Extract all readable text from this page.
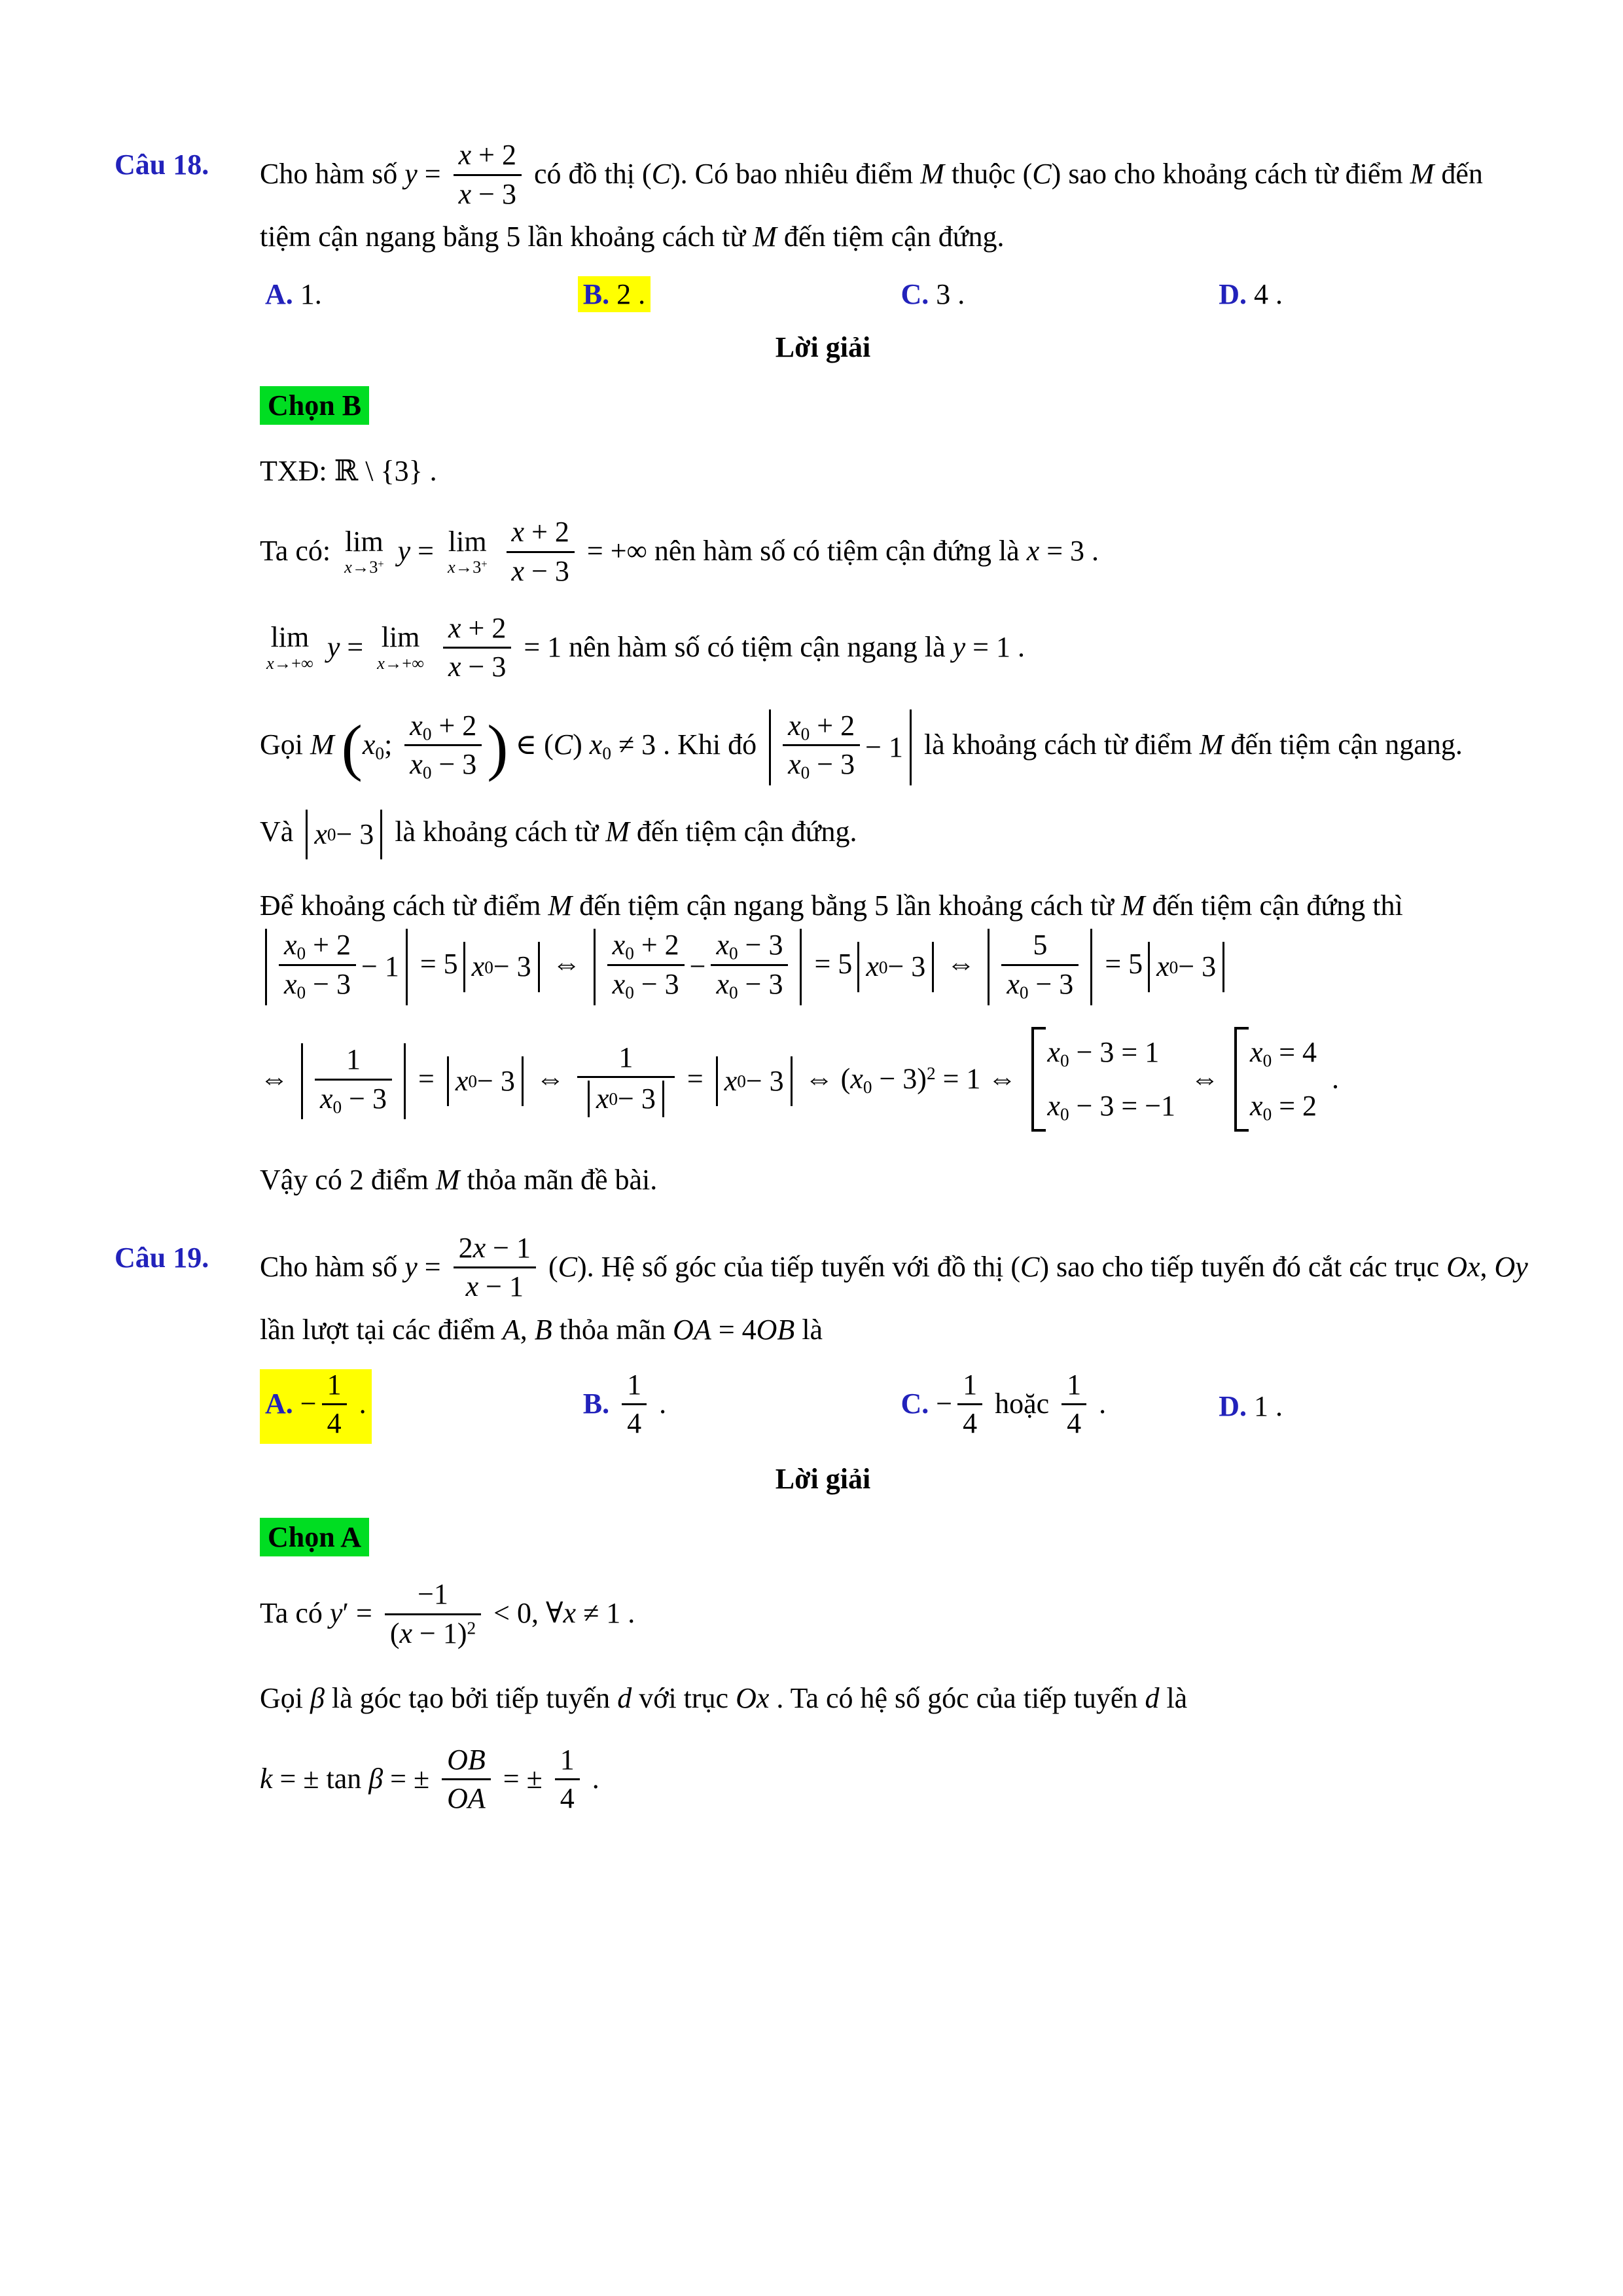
Câu 18.	Cho hàm số $y = \frac{x + 2}{x - 3}$ có đồ thị (C). Có bao nhiêu điểm M thuộc (C) sao cho khoảng cách từ điểm M đến tiệm cận ngang bằng 5 lần khoảng cách từ M đến tiệm cận đứng.
A. 1.	B. 2 .	C. 3 .	D. 4 .
Lời giải
Chọn B
TXĐ: ℝ \ {3} .
Ta có: lim
x→3+ y = lim
x→3+
$\frac{x + 2}{x - 3}$ = +∞ nên hàm số có tiệm cận đứng là x = 3 .
lim
x→+∞ y = lim
x→+∞
$\frac{x + 2}{x - 3} = 1$ nên hàm số có tiệm cận ngang là y = 1 .
Gọi M ($x_0$; $\frac{x_0 + 2}{x_0 - 3}$ ) ∈ (C) $x_0 \ne 3$ . Khi đó $\frac{x_0 + 2}{x_0 - 3} - 1$ là khoảng cách từ điểm M đến tiệm cận ngang.
Và x 0 − 3 là khoảng cách từ M đến tiệm cận đứng.
Để khoảng cách từ điểm M đến tiệm cận ngang bằng 5 lần khoảng cách từ M đến tiệm cận đứng thì
$\frac{x_0 + 2}{x_0 - 3} - 1 = 5$ x 0 − 3 ⇔ $\frac{x_0 + 2}{x_0 - 3} - \frac{x_0 - 3}{x_0 - 3} = 5$ x 0 − 3 ⇔ $\frac{5}{x_0 - 3} = 5$ x 0 − 3
⇔ $\frac{1}{x_0 - 3} = x$ 0 − 3 ⇔ $\frac{1}{x 0 - 3} = x$ 0 − 3 ⇔ $(x_0 - 3)^2 = 1$ ⇔
$x_0 - 3 = 1$
$x_0 - 3 = -1$
⇔
$x_0 = 4$
$x_0 = 2$
.
Vậy có 2 điểm M thỏa mãn đề bài.
Câu 19.	Cho hàm số $y = \frac{2x - 1}{x - 1} (C)$. Hệ số góc của tiếp tuyến với đồ thị (C) sao cho tiếp tuyến đó cắt các trục Ox, Oy lần lượt tại các điểm A, B thỏa mãn OA = 4OB là
A. − $\frac{1}{4}$ .	B. $\frac{1}{4}$ .	C. − $\frac{1}{4}$ hoặc $\frac{1}{4}$ .	D. 1 .
Lời giải
Chọn A
Ta có $y' = \frac{-1}{(x - 1)^2} < 0$, ∀x ≠ 1 .
Gọi β là góc tạo bởi tiếp tuyến d với trục Ox . Ta có hệ số góc của tiếp tuyến d là
k = ± tan β = ± $\frac{OB}{OA}$ = ± $\frac{1}{4}$ .
